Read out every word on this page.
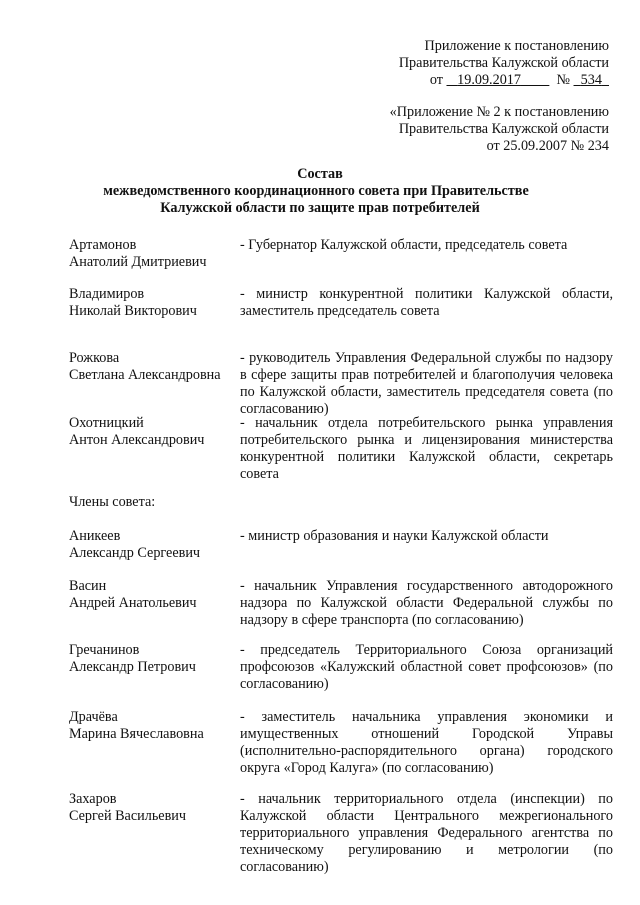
Приложение к постановлению
Правительства Калужской области
от 19.09.2017 № 534
«Приложение № 2 к постановлению
Правительства Калужской области
от 25.09.2007 № 234
Состав
межведомственного координационного совета при Правительстве
Калужской области по защите прав потребителей
Артамонов
Анатолий Дмитриевич
- Губернатор Калужской области, председатель совета
Владимиров
Николай Викторович
- министр конкурентной политики Калужской области, заместитель председатель совета
Рожкова
Светлана Александровна
- руководитель Управления Федеральной службы по надзору в сфере защиты прав потребителей и благополучия человека по Калужской области, заместитель председателя совета (по согласованию)
Охотницкий
Антон Александрович
- начальник отдела потребительского рынка управления потребительского рынка и лицензирования министерства конкурентной политики Калужской области, секретарь совета
Члены совета:
Аникеев
Александр Сергеевич
- министр образования и науки Калужской области
Васин
Андрей Анатольевич
- начальник Управления государственного автодорожного надзора по Калужской области Федеральной службы по надзору в сфере транспорта (по согласованию)
Гречанинов
Александр Петрович
- председатель Территориального Союза организаций профсоюзов «Калужский областной совет профсоюзов» (по согласованию)
Драчёва
Марина Вячеславовна
- заместитель начальника управления экономики и имущественных отношений Городской Управы (исполнительно-распорядительного органа) городского округа «Город Калуга» (по согласованию)
Захаров
Сергей Васильевич
- начальник территориального отдела (инспекции) по Калужской области Центрального межрегионального территориального управления Федерального агентства по техническому регулированию и метрологии (по согласованию)
